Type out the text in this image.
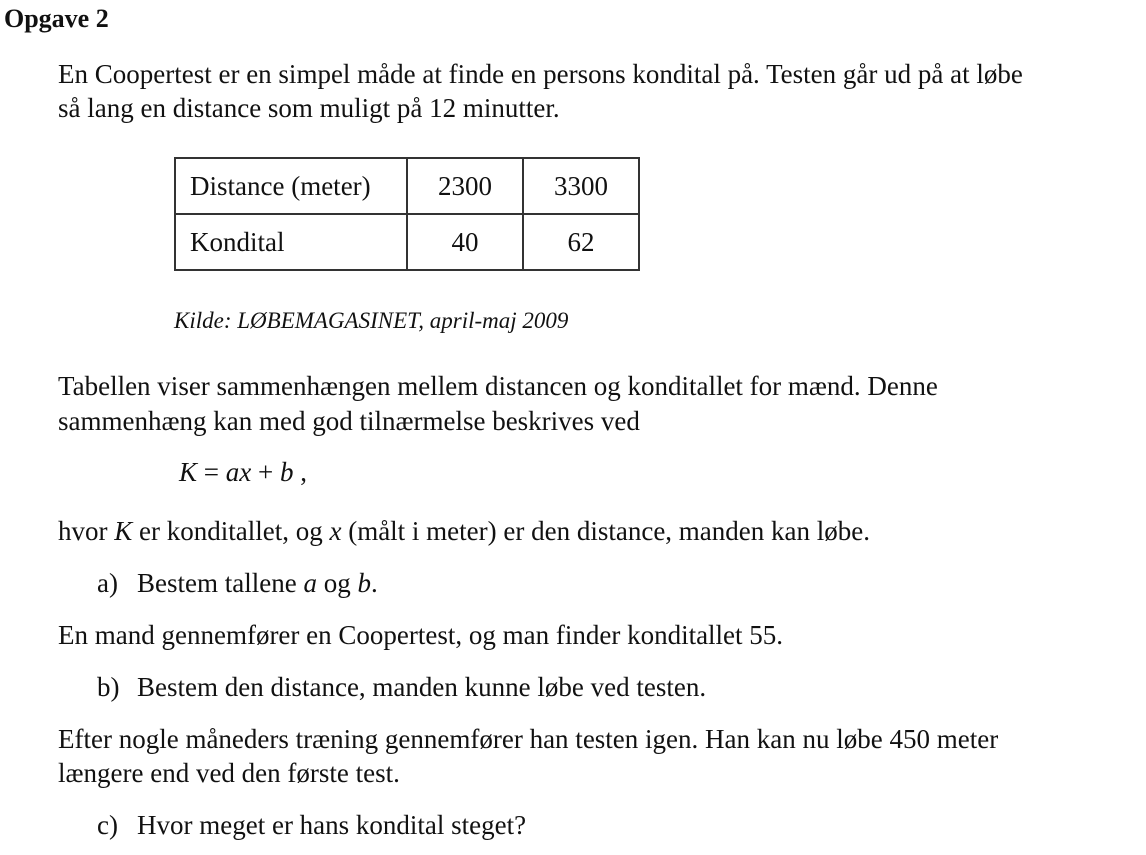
Opgave 2
En Coopertest er en simpel måde at finde en persons kondital på. Testen går ud på at løbe
så lang en distance som muligt på 12 minutter.
Distance (meter)	2300	3300
Kondital	40	62
Kilde: LØBEMAGASINET, april-maj 2009
Tabellen viser sammenhængen mellem distancen og konditallet for mænd. Denne
sammenhæng kan med god tilnærmelse beskrives ved
K = ax + b ,
hvor K er konditallet, og x (målt i meter) er den distance, manden kan løbe.
a) Bestem tallene a og b.
En mand gennemfører en Coopertest, og man finder konditallet 55.
b) Bestem den distance, manden kunne løbe ved testen.
Efter nogle måneders træning gennemfører han testen igen. Han kan nu løbe 450 meter
længere end ved den første test.
c) Hvor meget er hans kondital steget?
